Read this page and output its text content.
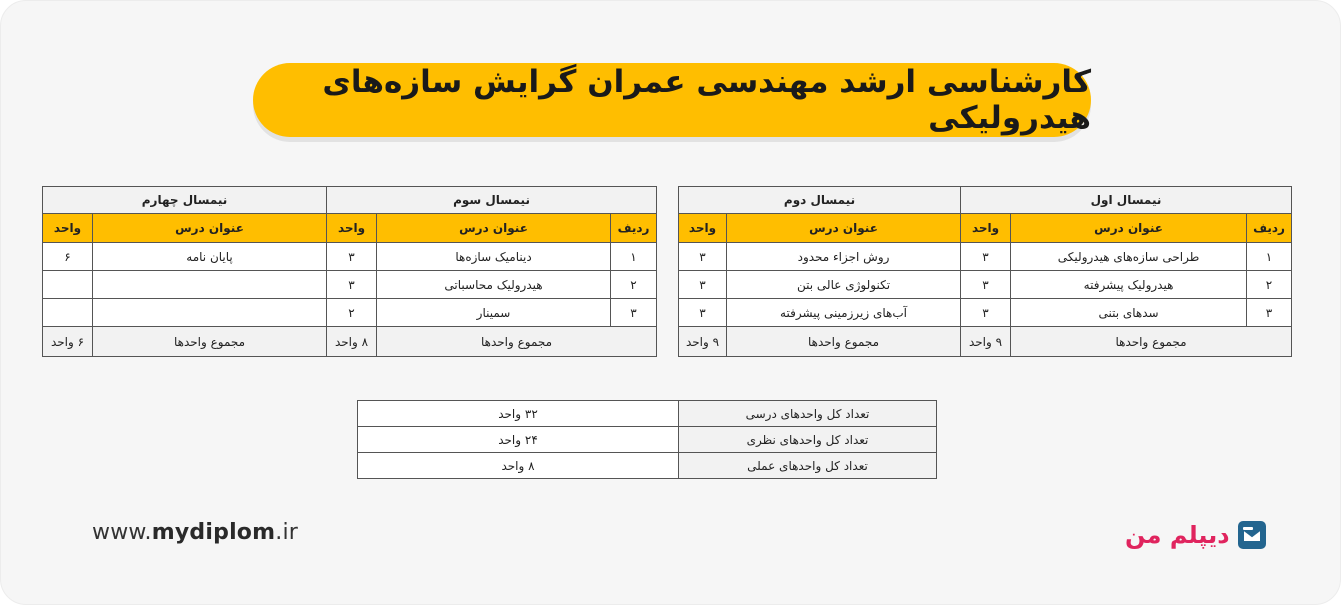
کارشناسی ارشد مهندسی عمران گرایش سازه‌های هیدرولیکی
نیمسال اول			نیمسال دوم	
ردیف	عنوان درس	واحد	عنوان درس	واحد
۱	طراحی سازه‌های هیدرولیکی	۳	روش اجزاء محدود	۳
۲	هیدرولیک پیشرفته	۳	تکنولوژی عالی بتن	۳
۳	سدهای بتنی	۳	آب‌های زیرزمینی پیشرفته	۳
مجموع واحدها		۹ واحد	مجموع واحدها	۹ واحد
نیمسال سوم			نیمسال چهارم	
ردیف	عنوان درس	واحد	عنوان درس	واحد
۱	دینامیک سازه‌ها	۳	پایان نامه	۶
۲	هیدرولیک محاسباتی	۳		
۳	سمینار	۲		
مجموع واحدها		۸ واحد	مجموع واحدها	۶ واحد
تعداد کل واحدهای درسی	۳۲ واحد
تعداد کل واحدهای نظری	۲۴ واحد
تعداد کل واحدهای عملی	۸ واحد
www.mydiplom.ir	دیپلم من
